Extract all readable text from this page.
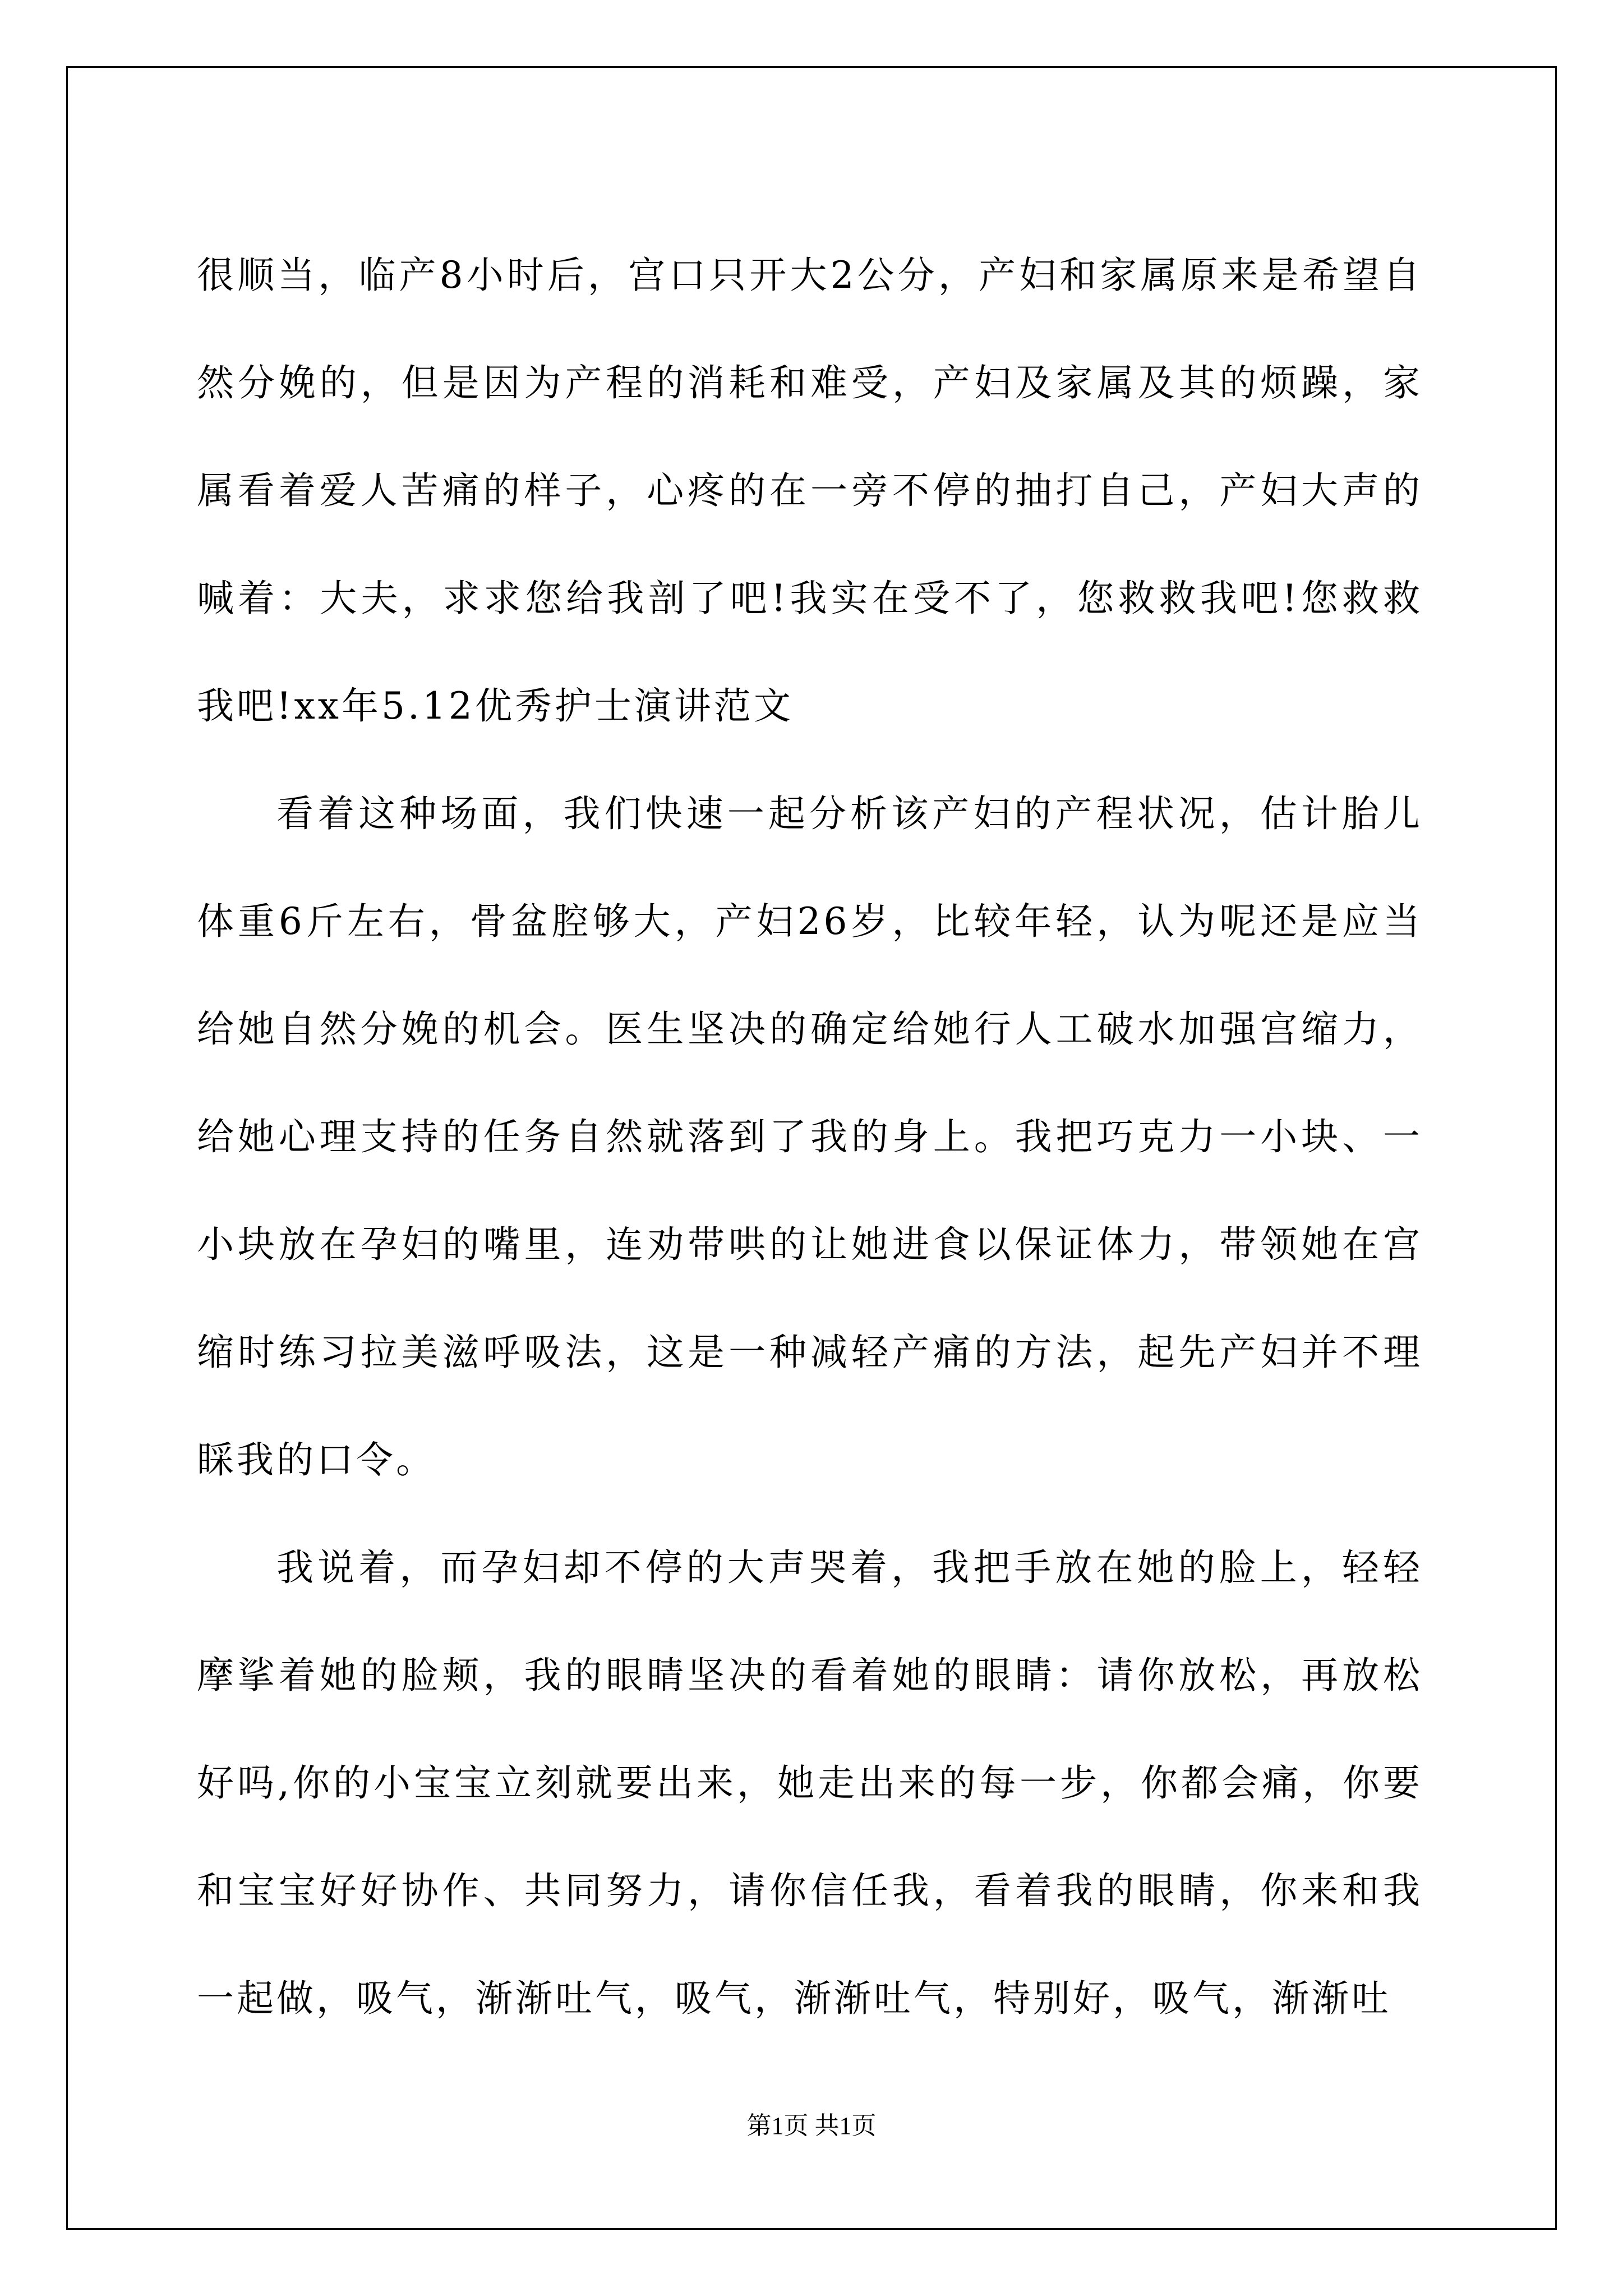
很顺当，临产8小时后，宫口只开大2公分，产妇和家属原来是希望自然分娩的，但是因为产程的消耗和难受，产妇及家属及其的烦躁，家属看着爱人苦痛的样子，心疼的在一旁不停的抽打自己，产妇大声的喊着：大夫，求求您给我剖了吧!我实在受不了，您救救我吧!您救救我吧!xx年5.12优秀护士演讲范文

看着这种场面，我们快速一起分析该产妇的产程状况，估计胎儿体重6斤左右，骨盆腔够大，产妇26岁，比较年轻，认为呢还是应当给她自然分娩的机会。医生坚决的确定给她行人工破水加强宫缩力，给她心理支持的任务自然就落到了我的身上。我把巧克力一小块、一小块放在孕妇的嘴里，连劝带哄的让她进食以保证体力，带领她在宫缩时练习拉美滋呼吸法，这是一种减轻产痛的方法，起先产妇并不理睬我的口令。

我说着，而孕妇却不停的大声哭着，我把手放在她的脸上，轻轻摩挲着她的脸颊，我的眼睛坚决的看着她的眼睛：请你放松，再放松好吗,你的小宝宝立刻就要出来，她走出来的每一步，你都会痛，你要和宝宝好好协作、共同努力，请你信任我，看着我的眼睛，你来和我一起做，吸气，渐渐吐气，吸气，渐渐吐气，特别好，吸气，渐渐吐

第1页 共1页
